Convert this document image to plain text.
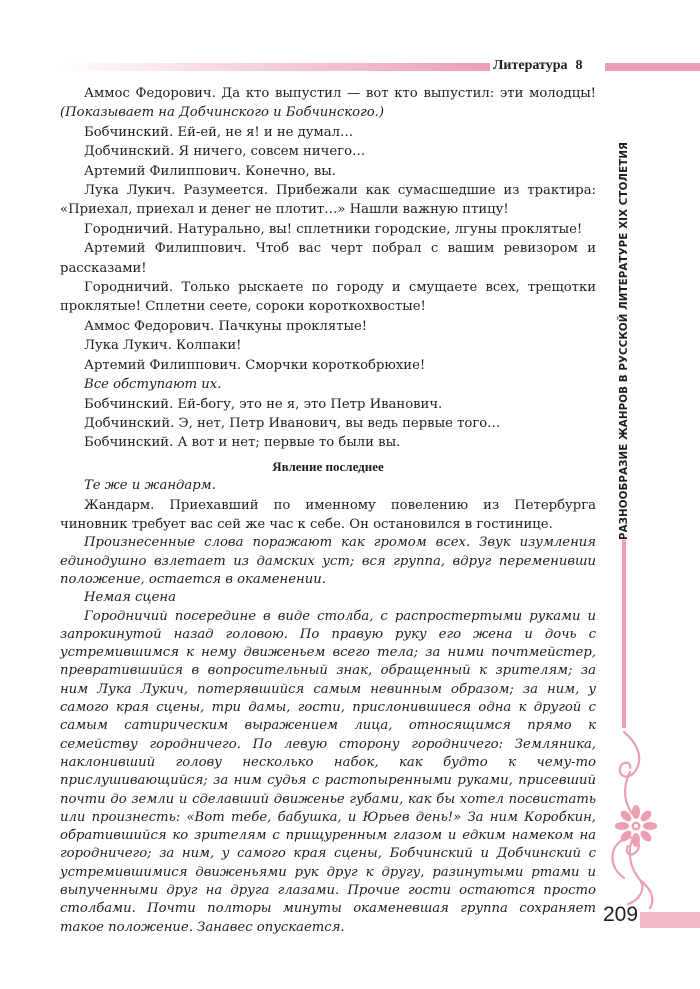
Литература 8
РАЗНООБРАЗИЕ ЖАНРОВ В РУССКОЙ ЛИТЕРАТУРЕ XIX СТОЛЕТИЯ
209

Аммос Федорович. Да кто выпустил — вот кто выпустил: эти молодцы! (Показывает на Добчинского и Бобчинского.)

Бобчинский. Ей-ей, не я! и не думал…

Добчинский. Я ничего, совсем ничего…

Артемий Филиппович. Конечно, вы.

Лука Лукич. Разумеется. Прибежали как сумасшедшие из трактира: «Приехал, приехал и денег не плотит…» Нашли важную птицу!

Городничий. Натурально, вы! сплетники городские, лгуны проклятые!

Артемий Филиппович. Чтоб вас черт побрал с вашим ревизором и рассказами!

Городничий. Только рыскаете по городу и смущаете всех, трещотки проклятые! Сплетни сеете, сороки короткохвостые!

Аммос Федорович. Пачкуны проклятые!

Лука Лукич. Колпаки!

Артемий Филиппович. Сморчки короткобрюхие!

Все обступают их.

Бобчинский. Ей-богу, это не я, это Петр Иванович.

Добчинский. Э, нет, Петр Иванович, вы ведь первые того…

Бобчинский. А вот и нет; первые то были вы.

Явление последнее

Те же и жандарм.

Жандарм. Приехавший по именному повелению из Петербурга чиновник требует вас сей же час к себе. Он остановился в гостинице.

Произнесенные слова поражают как громом всех. Звук изумления единодушно взлетает из дамских уст; вся группа, вдруг переменивши положение, остается в окаменении.

Немая сцена

Городничий посередине в виде столба, с распростертыми руками и запрокинутой назад головою. По правую руку его жена и дочь с устремившимся к нему движеньем всего тела; за ними почтмейстер, превратившийся в вопросительный знак, обращенный к зрителям; за ним Лука Лукич, потерявшийся самым невинным образом; за ним, у самого края сцены, три дамы, гости, прислонившиеся одна к другой с самым сатирическим выражением лица, относящимся прямо к семейству городничего. По левую сторону городничего: Земляника, наклонивший голову несколько набок, как будто к чему-то прислушивающийся; за ним судья с растопыренными руками, присевший почти до земли и сделавший движенье губами, как бы хотел посвистать или произнесть: «Вот тебе, бабушка, и Юрьев день!» За ним Коробкин, обратившийся ко зрителям с прищуренным глазом и едким намеком на городничего; за ним, у самого края сцены, Бобчинский и Добчинский с устремившимися движеньями рук друг к другу, разинутыми ртами и выпученными друг на друга глазами. Прочие гости остаются просто столбами. Почти полторы минуты окаменевшая группа сохраняет такое положение. Занавес опускается.
